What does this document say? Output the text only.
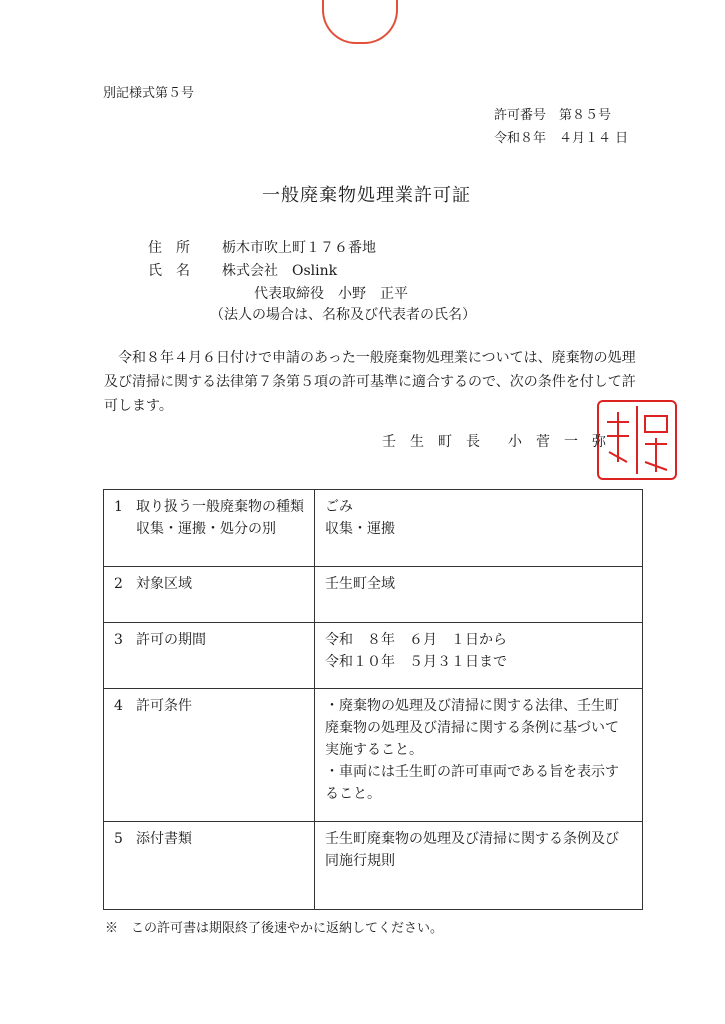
別記様式第５号
許可番号　第８５号
令和８年　４月１４ 日
一般廃棄物処理業許可証
住　所 栃木市吹上町１７６番地
氏　名 株式会社　Oslink
代表取締役　小野　正平
（法人の場合は、名称及び代表者の氏名）
令和８年４月６日付けで申請のあった一般廃棄物処理業については、廃棄物の処理及び清掃に関する法律第７条第５項の許可基準に適合するので、次の条件を付して許可します。
壬　生　町　長　　小　菅　一　弥
1 取り扱う一般廃棄物の種類
収集・運搬・処分の別	ごみ
収集・運搬
2 対象区域	壬生町全域
3 許可の期間	令和　８年　６月　１日から
令和１０年　５月３１日まで
4 許可条件	・廃棄物の処理及び清掃に関する法律、壬生町廃棄物の処理及び清掃に関する条例に基づいて実施すること。
・車両には壬生町の許可車両である旨を表示すること。

5 添付書類	壬生町廃棄物の処理及び清掃に関する条例及び同施行規則
※　この許可書は期限終了後速やかに返納してください。
